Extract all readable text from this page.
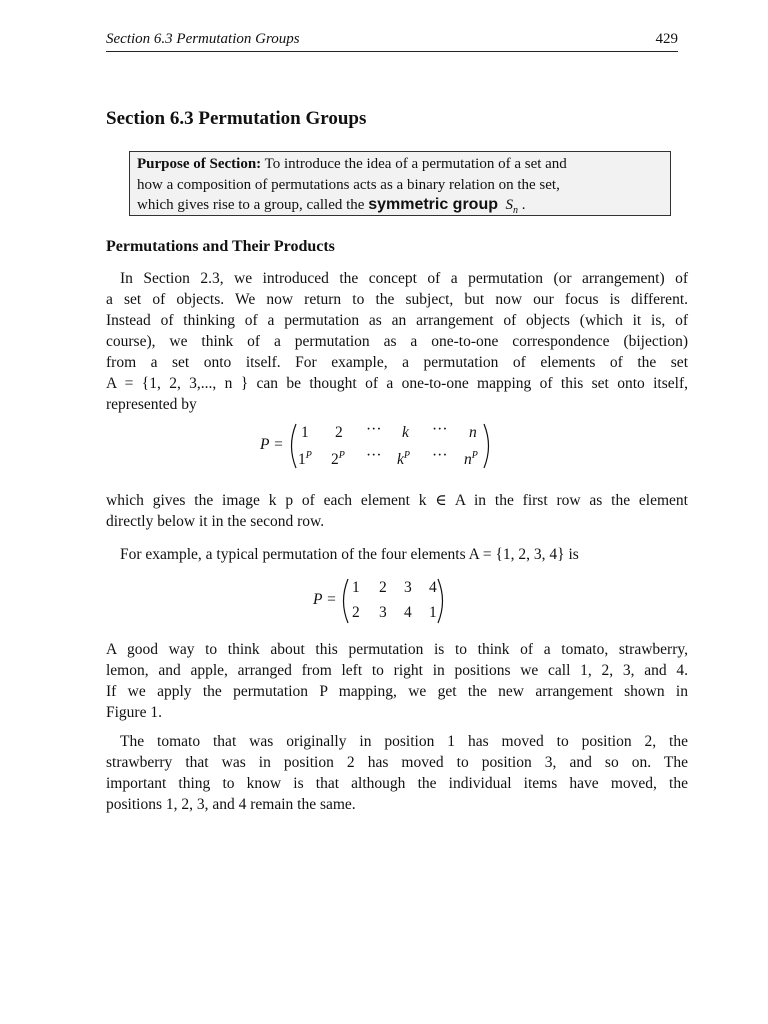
Section 6.3 Permutation Groups	429
Section 6.3 Permutation Groups
Purpose of Section: To introduce the idea of a permutation of a set and
how a composition of permutations acts as a binary relation on the set,
which gives rise to a group, called the symmetric group $S_n$ .
Permutations and Their Products
In Section 2.3, we introduced the concept of a permutation (or arrangement) of
a set of objects. We now return to the subject, but now our focus is different.
Instead of thinking of a permutation as an arrangement of objects (which it is, of
course), we think of a permutation as a one-to-one correspondence (bijection)
from a set onto itself. For example, a permutation of elements of the set
A = {1, 2, 3,..., n } can be thought of a one-to-one mapping of this set onto itself,
represented by
P =
1 2 ··· k ··· n
$1^P$ $2^P$ ··· $k^P$ ··· $n^P$
which gives the image k p of each element k ∈ A in the first row as the element
directly below it in the second row.
For example, a typical permutation of the four elements A = {1, 2, 3, 4} is
P =
1 2 3 4
2 3 4 1
A good way to think about this permutation is to think of a tomato, strawberry,
lemon, and apple, arranged from left to right in positions we call 1, 2, 3, and 4.
If we apply the permutation P mapping, we get the new arrangement shown in
Figure 1.
The tomato that was originally in position 1 has moved to position 2, the
strawberry that was in position 2 has moved to position 3, and so on. The
important thing to know is that although the individual items have moved, the
positions 1, 2, 3, and 4 remain the same.
